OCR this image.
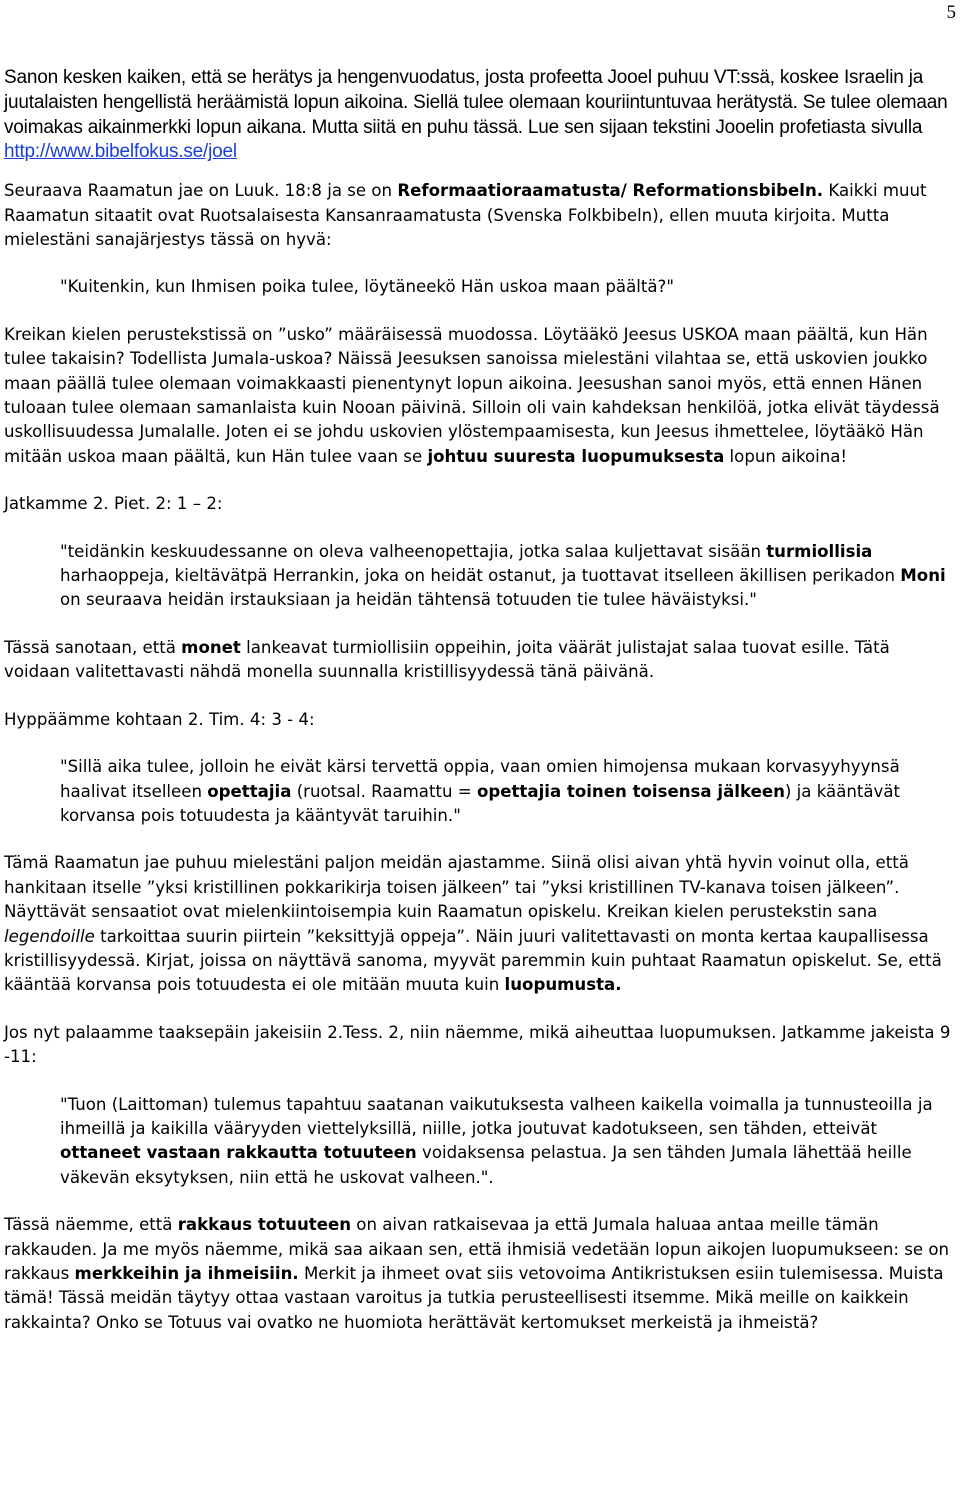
5

Sanon kesken kaiken, että se herätys ja hengenvuodatus, josta profeetta Jooel puhuu VT:ssä, koskee Israelin ja juutalaisten hengellistä heräämistä lopun aikoina. Siellä tulee olemaan kouriintuntuvaa herätystä. Se tulee olemaan voimakas aikainmerkki lopun aikana. Mutta siitä en puhu tässä. Lue sen sijaan tekstini Jooelin profetiasta sivulla http://www.bibelfokus.se/joel

Seuraava Raamatun jae on Luuk. 18:8 ja se on Reformaatioraamatusta/ Reformationsbibeln. Kaikki muut Raamatun sitaatit ovat Ruotsalaisesta Kansanraamatusta (Svenska Folkbibeln), ellen muuta kirjoita. Mutta mielestäni sanajärjestys tässä on hyvä:

"Kuitenkin, kun Ihmisen poika tulee, löytäneekö Hän uskoa maan päältä?"

Kreikan kielen perustekstissä on ”usko” määräisessä muodossa. Löytääkö Jeesus USKOA maan päältä, kun Hän tulee takaisin? Todellista Jumala-uskoa? Näissä Jeesuksen sanoissa mielestäni vilahtaa se, että uskovien joukko maan päällä tulee olemaan voimakkaasti pienentynyt lopun aikoina. Jeesushan sanoi myös, että ennen Hänen tuloaan tulee olemaan samanlaista kuin Nooan päivinä. Silloin oli vain kahdeksan henkilöä, jotka elivät täydessä uskollisuudessa Jumalalle. Joten ei se johdu uskovien ylöstempaamisesta, kun Jeesus ihmettelee, löytääkö Hän mitään uskoa maan päältä, kun Hän tulee vaan se johtuu suuresta luopumuksesta lopun aikoina!

Jatkamme 2. Piet. 2: 1 – 2:

"teidänkin keskuudessanne on oleva valheenopettajia, jotka salaa kuljettavat sisään turmiollisia harhaoppeja, kieltävätpä Herrankin, joka on heidät ostanut, ja tuottavat itselleen äkillisen perikadon Moni on seuraava heidän irstauksiaan ja heidän tähtensä totuuden tie tulee häväistyksi."

Tässä sanotaan, että monet lankeavat turmiollisiin oppeihin, joita väärät julistajat salaa tuovat esille. Tätä voidaan valitettavasti nähdä monella suunnalla kristillisyydessä tänä päivänä.

Hyppäämme kohtaan 2. Tim. 4: 3 - 4:

"Sillä aika tulee, jolloin he eivät kärsi tervettä oppia, vaan omien himojensa mukaan korvasyyhyynsä haalivat itselleen opettajia (ruotsal. Raamattu = opettajia toinen toisensa jälkeen) ja kääntävät korvansa pois totuudesta ja kääntyvät taruihin."

Tämä Raamatun jae puhuu mielestäni paljon meidän ajastamme. Siinä olisi aivan yhtä hyvin voinut olla, että hankitaan itselle ”yksi kristillinen pokkarikirja toisen jälkeen” tai ”yksi kristillinen TV-kanava toisen jälkeen”. Näyttävät sensaatiot ovat mielenkiintoisempia kuin Raamatun opiskelu. Kreikan kielen perustekstin sana legendoille tarkoittaa suurin piirtein ”keksittyjä oppeja”. Näin juuri valitettavasti on monta kertaa kaupallisessa kristillisyydessä. Kirjat, joissa on näyttävä sanoma, myyvät paremmin kuin puhtaat Raamatun opiskelut. Se, että kääntää korvansa pois totuudesta ei ole mitään muuta kuin luopumusta.

Jos nyt palaamme taaksepäin jakeisiin 2.Tess. 2, niin näemme, mikä aiheuttaa luopumuksen. Jatkamme jakeista 9 -11:

"Tuon (Laittoman) tulemus tapahtuu saatanan vaikutuksesta valheen kaikella voimalla ja tunnusteoilla ja ihmeillä ja kaikilla vääryyden viettelyksillä, niille, jotka joutuvat kadotukseen, sen tähden, etteivät ottaneet vastaan rakkautta totuuteen voidaksensa pelastua. Ja sen tähden Jumala lähettää heille väkevän eksytyksen, niin että he uskovat valheen.".

Tässä näemme, että rakkaus totuuteen on aivan ratkaisevaa ja että Jumala haluaa antaa meille tämän rakkauden. Ja me myös näemme, mikä saa aikaan sen, että ihmisiä vedetään lopun aikojen luopumukseen: se on rakkaus merkkeihin ja ihmeisiin. Merkit ja ihmeet ovat siis vetovoima Antikristuksen esiin tulemisessa. Muista tämä! Tässä meidän täytyy ottaa vastaan varoitus ja tutkia perusteellisesti itsemme. Mikä meille on kaikkein rakkainta? Onko se Totuus vai ovatko ne huomiota herättävät kertomukset merkeistä ja ihmeistä?
